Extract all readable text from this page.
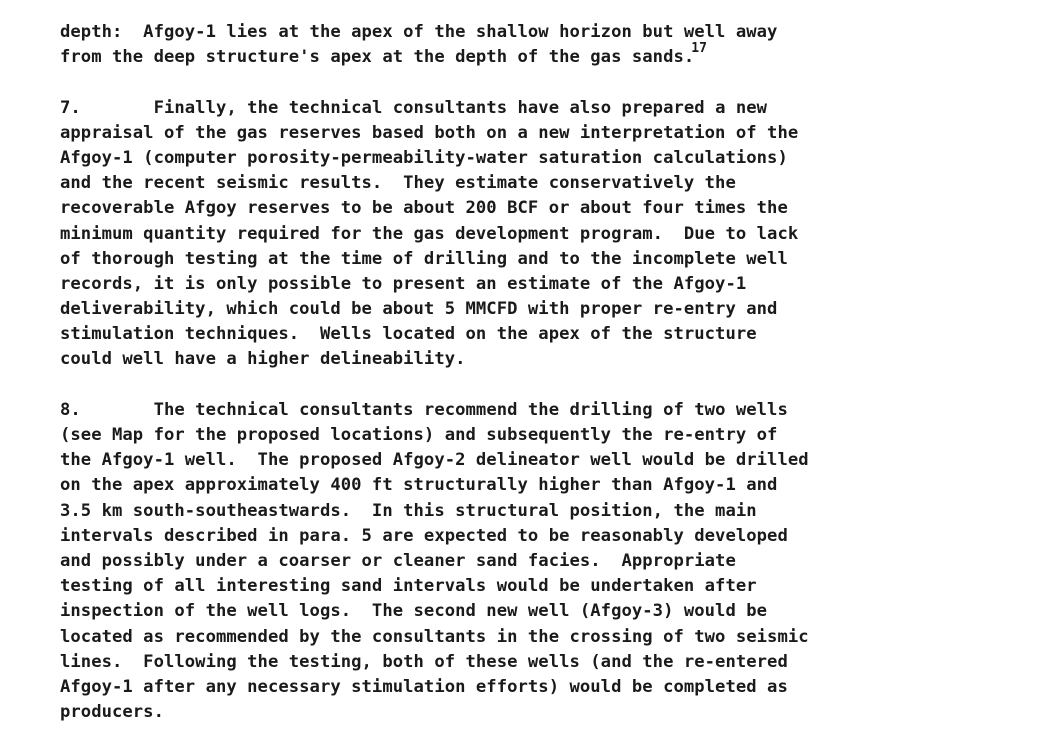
depth:  Afgoy-1 lies at the apex of the shallow horizon but well away
from the deep structure's apex at the depth of the gas sands.$^{17}$
7.	Finally, the technical consultants have also prepared a new
appraisal of the gas reserves based both on a new interpretation of the
Afgoy-1 (computer porosity-permeability-water saturation calculations)
and the recent seismic results.  They estimate conservatively the
recoverable Afgoy reserves to be about 200 BCF or about four times the
minimum quantity required for the gas development program.  Due to lack
of thorough testing at the time of drilling and to the incomplete well
records, it is only possible to present an estimate of the Afgoy-1
deliverability, which could be about 5 MMCFD with proper re-entry and
stimulation techniques.  Wells located on the apex of the structure
could well have a higher delineability.
8.	The technical consultants recommend the drilling of two wells
(see Map for the proposed locations) and subsequently the re-entry of
the Afgoy-1 well.  The proposed Afgoy-2 delineator well would be drilled
on the apex approximately 400 ft structurally higher than Afgoy-1 and
3.5 km south-southeastwards.  In this structural position, the main
intervals described in para. 5 are expected to be reasonably developed
and possibly under a coarser or cleaner sand facies.  Appropriate
testing of all interesting sand intervals would be undertaken after
inspection of the well logs.  The second new well (Afgoy-3) would be
located as recommended by the consultants in the crossing of two seismic
lines.  Following the testing, both of these wells (and the re-entered
Afgoy-1 after any necessary stimulation efforts) would be completed as
producers.
